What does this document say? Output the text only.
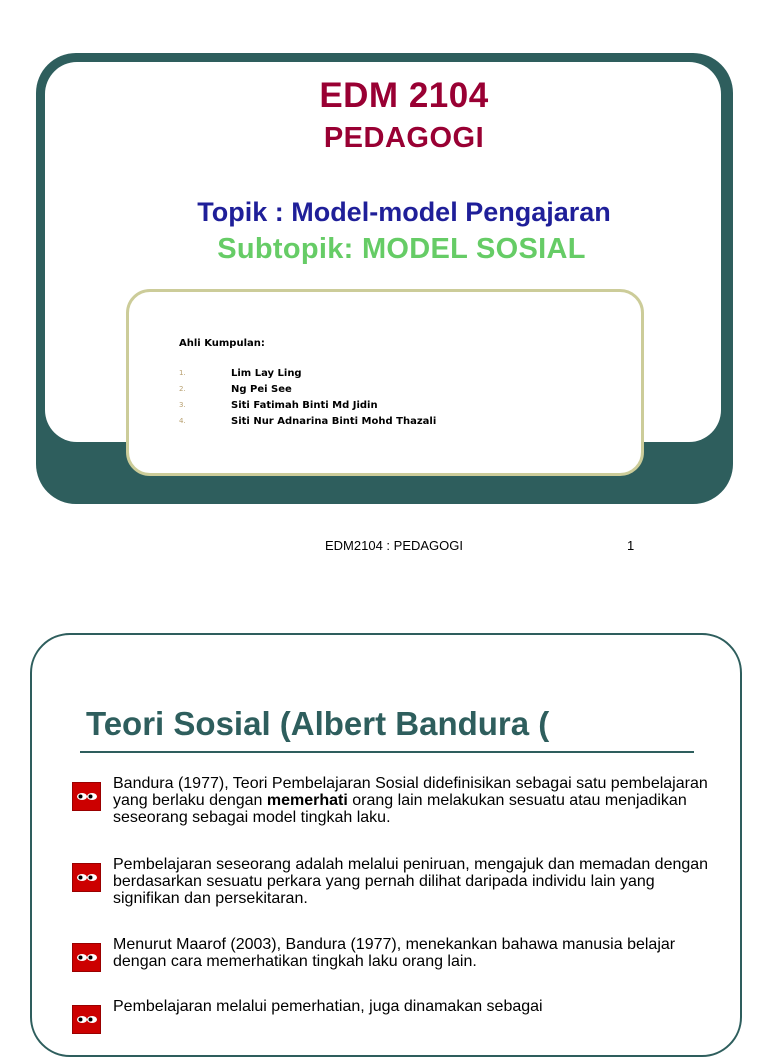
EDM 2104
PEDAGOGI
Topik : Model-model Pengajaran
Subtopik: MODEL SOSIAL
Ahli Kumpulan:
1.	Lim Lay Ling
2.	Ng Pei See
3.	Siti Fatimah Binti Md Jidin
4.	Siti Nur Adnarina Binti Mohd Thazali
EDM2104 : PEDAGOGI	1
Teori Sosial (Albert Bandura (
Bandura (1977), Teori Pembelajaran Sosial didefinisikan sebagai satu pembelajaran yang berlaku dengan memerhati orang lain melakukan sesuatu atau menjadikan seseorang sebagai model tingkah laku.
Pembelajaran seseorang adalah melalui peniruan, mengajuk dan memadan dengan berdasarkan sesuatu perkara yang pernah dilihat daripada individu lain yang signifikan dan persekitaran.
Menurut Maarof (2003), Bandura (1977), menekankan bahawa manusia belajar dengan cara memerhatikan tingkah laku orang lain.
Pembelajaran melalui pemerhatian, juga dinamakan sebagai
